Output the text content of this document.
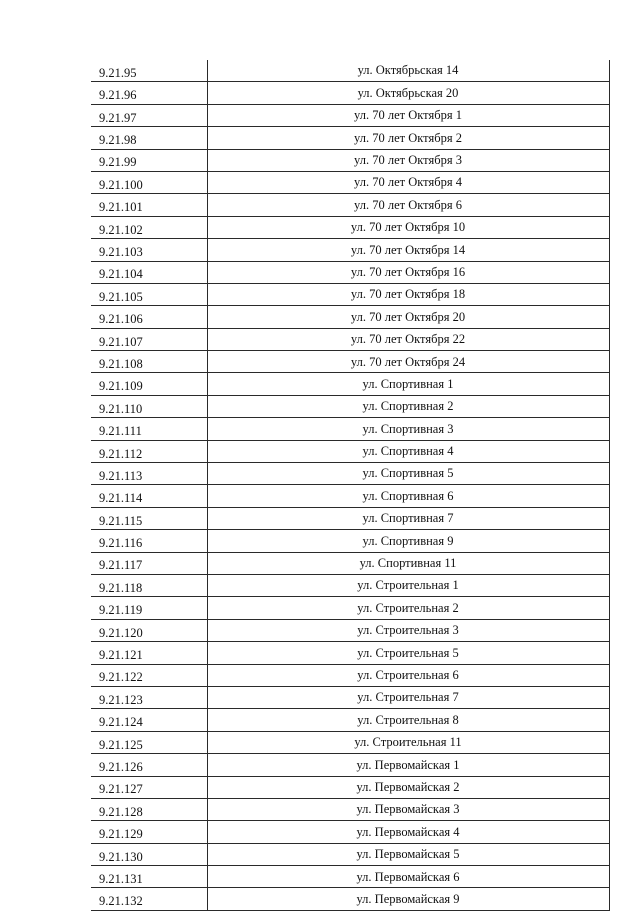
9.21.95	ул. Октябрьская 14
9.21.96	ул. Октябрьская 20
9.21.97	ул. 70 лет Октября 1
9.21.98	ул. 70 лет Октября 2
9.21.99	ул. 70 лет Октября 3
9.21.100	ул. 70 лет Октября 4
9.21.101	ул. 70 лет Октября 6
9.21.102	ул. 70 лет Октября 10
9.21.103	ул. 70 лет Октября 14
9.21.104	ул. 70 лет Октября 16
9.21.105	ул. 70 лет Октября 18
9.21.106	ул. 70 лет Октября 20
9.21.107	ул. 70 лет Октября 22
9.21.108	ул. 70 лет Октября 24
9.21.109	ул. Спортивная 1
9.21.110	ул. Спортивная 2
9.21.111	ул. Спортивная 3
9.21.112	ул. Спортивная 4
9.21.113	ул. Спортивная 5
9.21.114	ул. Спортивная 6
9.21.115	ул. Спортивная 7
9.21.116	ул. Спортивная 9
9.21.117	ул. Спортивная 11
9.21.118	ул. Строительная 1
9.21.119	ул. Строительная 2
9.21.120	ул. Строительная 3
9.21.121	ул. Строительная 5
9.21.122	ул. Строительная 6
9.21.123	ул. Строительная 7
9.21.124	ул. Строительная 8
9.21.125	ул. Строительная 11
9.21.126	ул. Первомайская 1
9.21.127	ул. Первомайская 2
9.21.128	ул. Первомайская 3
9.21.129	ул. Первомайская 4
9.21.130	ул. Первомайская 5
9.21.131	ул. Первомайская 6
9.21.132	ул. Первомайская 9
